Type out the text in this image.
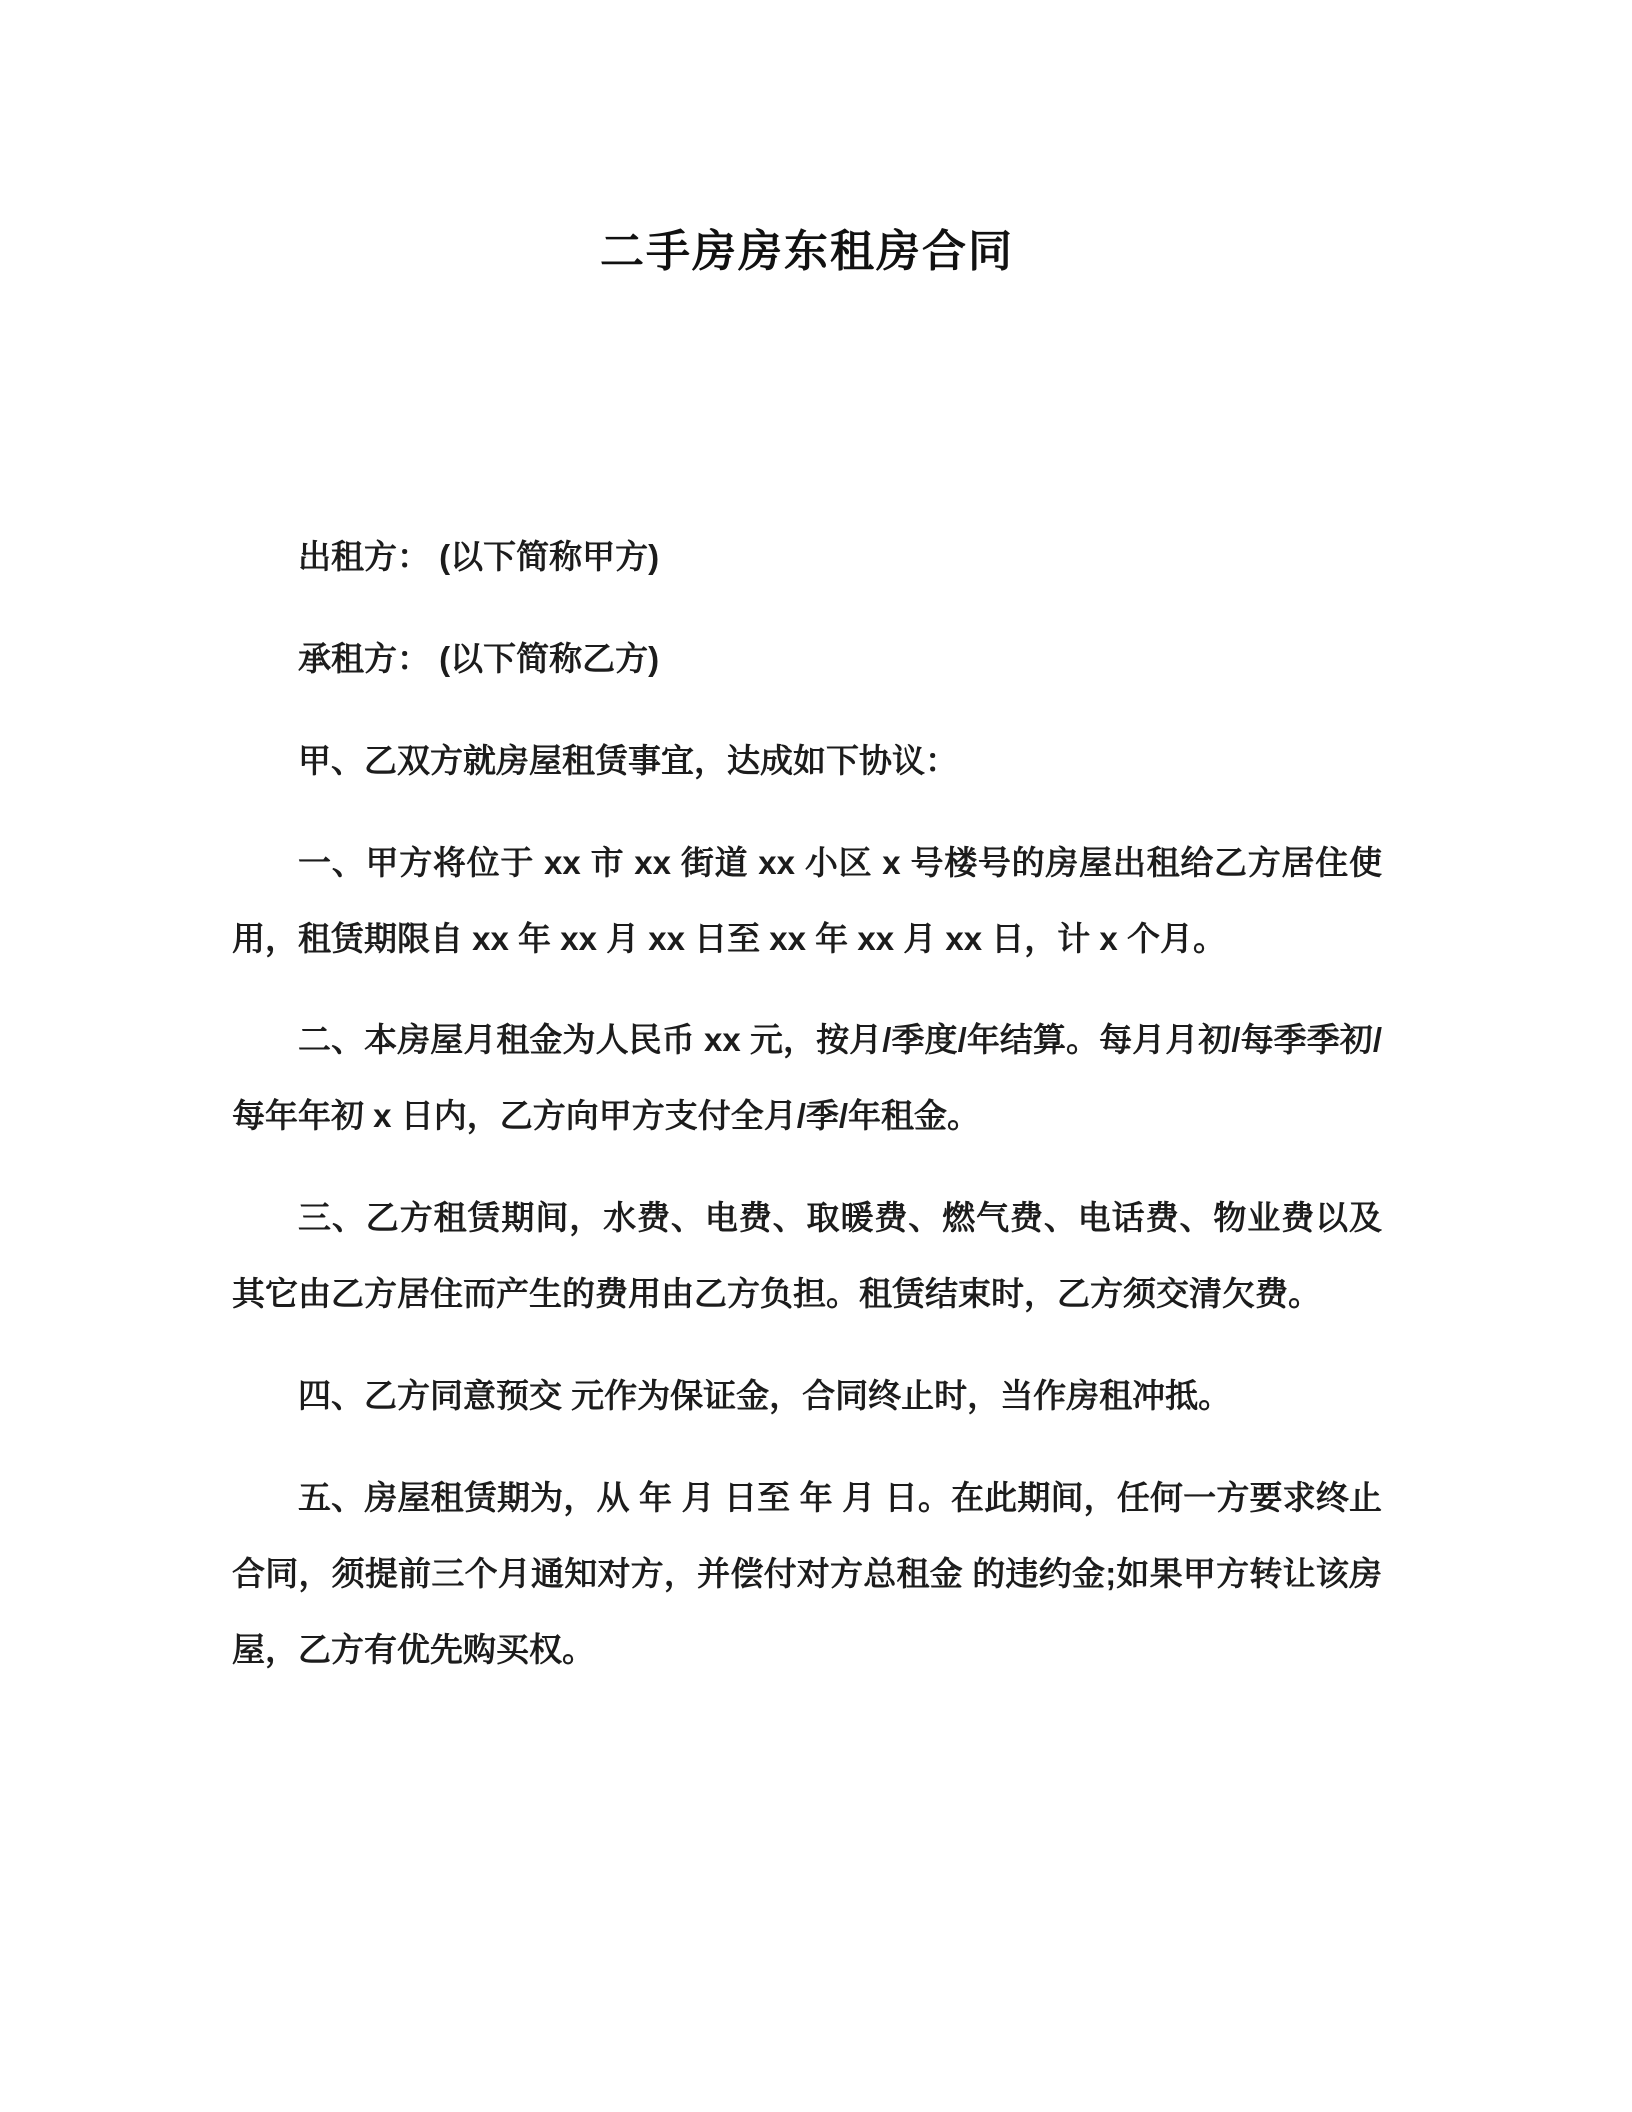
二手房房东租房合同

出租方： (以下简称甲方)

承租方： (以下简称乙方)

甲、乙双方就房屋租赁事宜，达成如下协议：

一、甲方将位于 xx 市 xx 街道 xx 小区 x 号楼号的房屋出租给乙方居住使用，租赁期限自 xx 年 xx 月 xx 日至 xx 年 xx 月 xx 日，计 x 个月。

二、本房屋月租金为人民币 xx 元，按月/季度/年结算。每月月初/每季季初/每年年初 x 日内，乙方向甲方支付全月/季/年租金。

三、乙方租赁期间，水费、电费、取暖费、燃气费、电话费、物业费以及其它由乙方居住而产生的费用由乙方负担。租赁结束时，乙方须交清欠费。

四、乙方同意预交 元作为保证金，合同终止时，当作房租冲抵。

五、房屋租赁期为，从 年 月 日至 年 月 日。在此期间，任何一方要求终止合同，须提前三个月通知对方，并偿付对方总租金 的违约金;如果甲方转让该房屋，乙方有优先购买权。
